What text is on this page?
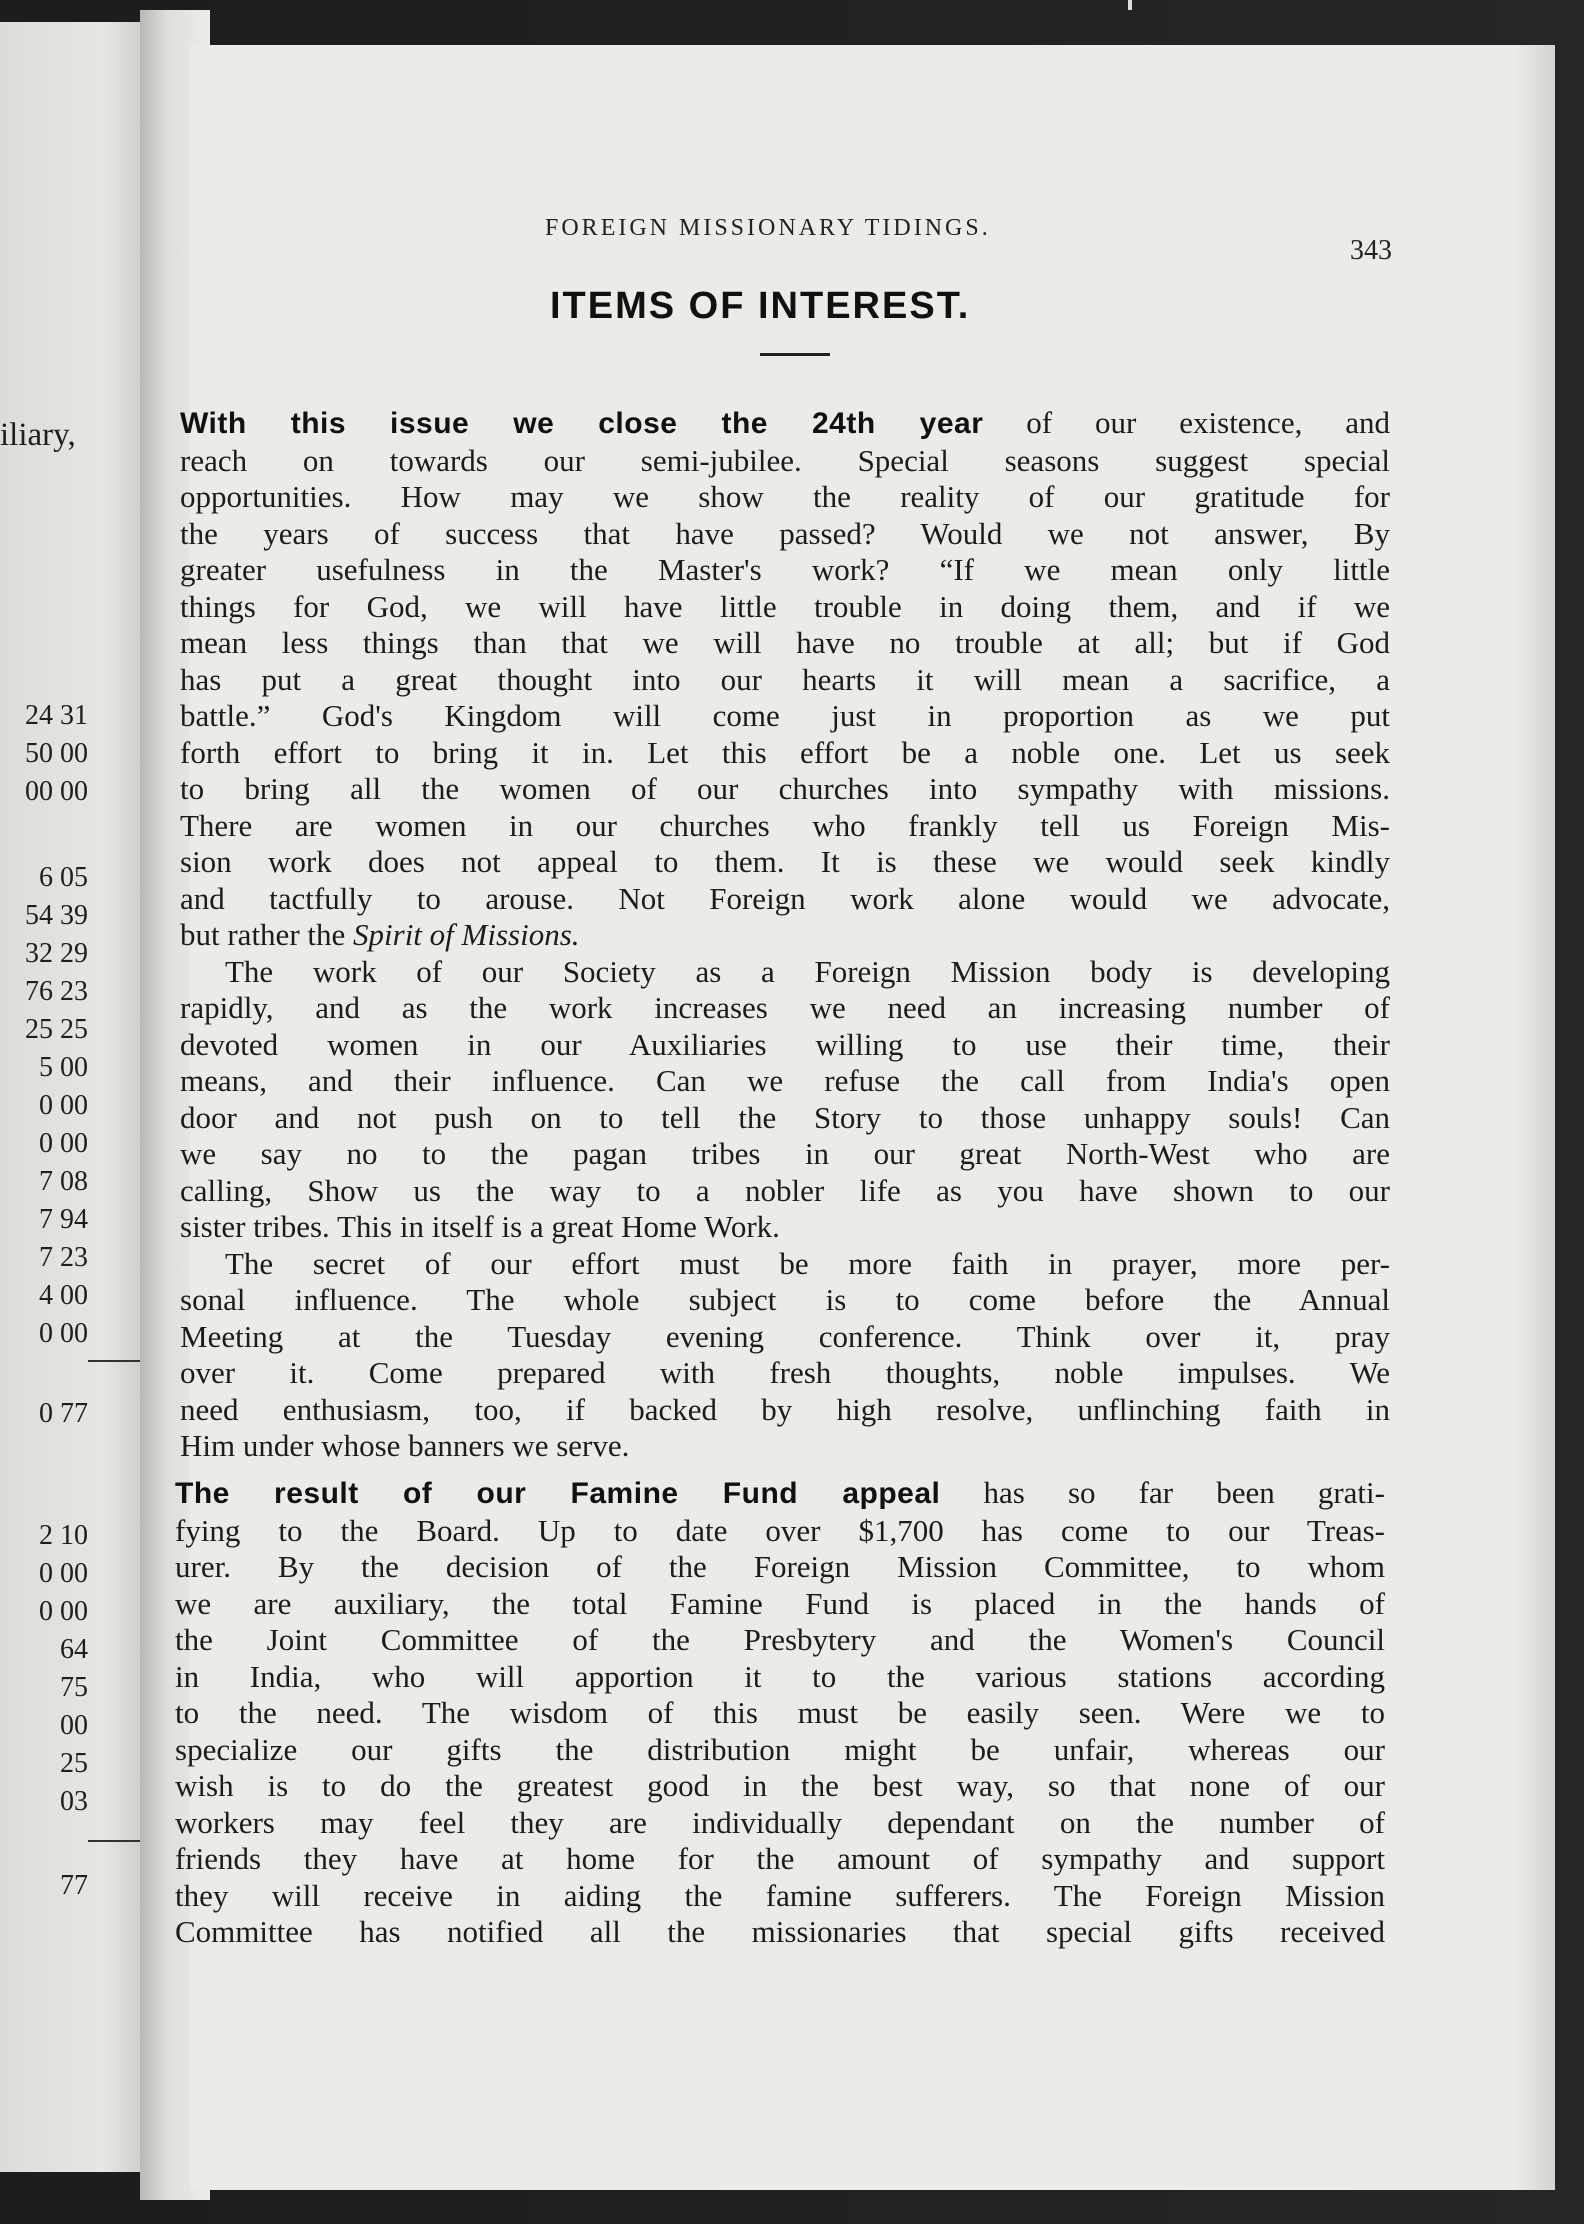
iliary,
24 31
50 00
00 00
6 05
54 39
32 29
76 23
25 25
5 00
0 00
0 00
7 08
7 94
7 23
4 00
0 00
0 77
2 10
0 00
0 00
64
75
00
25
03
77
FOREIGN MISSIONARY TIDINGS.
343
ITEMS OF INTEREST.
With this issue we close the 24th year of our existence, and
reach on towards our semi-jubilee. Special seasons suggest special
opportunities. How may we show the reality of our gratitude for
the years of success that have passed? Would we not answer, By
greater usefulness in the Master's work? “If we mean only little
things for God, we will have little trouble in doing them, and if we
mean less things than that we will have no trouble at all; but if God
has put a great thought into our hearts it will mean a sacrifice, a
battle.” God's Kingdom will come just in proportion as we put
forth effort to bring it in. Let this effort be a noble one. Let us seek
to bring all the women of our churches into sympathy with missions.
There are women in our churches who frankly tell us Foreign Mis-
sion work does not appeal to them. It is these we would seek kindly
and tactfully to arouse. Not Foreign work alone would we advocate,
but rather the Spirit of Missions.
The work of our Society as a Foreign Mission body is developing
rapidly, and as the work increases we need an increasing number of
devoted women in our Auxiliaries willing to use their time, their
means, and their influence. Can we refuse the call from India's open
door and not push on to tell the Story to those unhappy souls! Can
we say no to the pagan tribes in our great North-West who are
calling, Show us the way to a nobler life as you have shown to our
sister tribes. This in itself is a great Home Work.
The secret of our effort must be more faith in prayer, more per-
sonal influence. The whole subject is to come before the Annual
Meeting at the Tuesday evening conference. Think over it, pray
over it. Come prepared with fresh thoughts, noble impulses. We
need enthusiasm, too, if backed by high resolve, unflinching faith in
Him under whose banners we serve.
The result of our Famine Fund appeal has so far been grati-
fying to the Board. Up to date over $1,700 has come to our Treas-
urer. By the decision of the Foreign Mission Committee, to whom
we are auxiliary, the total Famine Fund is placed in the hands of
the Joint Committee of the Presbytery and the Women's Council
in India, who will apportion it to the various stations according
to the need. The wisdom of this must be easily seen. Were we to
specialize our gifts the distribution might be unfair, whereas our
wish is to do the greatest good in the best way, so that none of our
workers may feel they are individually dependant on the number of
friends they have at home for the amount of sympathy and support
they will receive in aiding the famine sufferers. The Foreign Mission
Committee has notified all the missionaries that special gifts received
